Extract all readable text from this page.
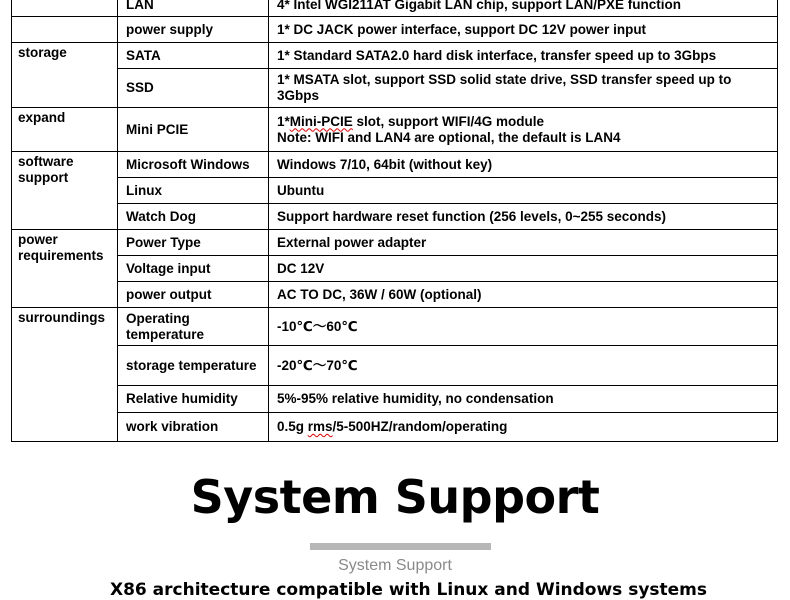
	LAN	4* Intel WGI211AT Gigabit LAN chip, support LAN/PXE function
	power supply	1* DC JACK power interface, support DC 12V power input
storage	SATA	1* Standard SATA2.0 hard disk interface, transfer speed up to 3Gbps
	SSD	1* MSATA slot, support SSD solid state drive, SSD transfer speed up to 3Gbps
expand	Mini PCIE	1*Mini-PCIE slot, support WIFI/4G module
Note: WIFI and LAN4 are optional, the default is LAN4
software support	Microsoft Windows	Windows 7/10, 64bit (without key)
	Linux	Ubuntu
	Watch Dog	Support hardware reset function (256 levels, 0~255 seconds)
power requirements	Power Type	External power adapter
	Voltage input	DC 12V
	power output	AC TO DC, 36W / 60W (optional)
surroundings	Operating temperature	-10℃～60℃
	storage temperature	-20℃～70℃
	Relative humidity	5%-95% relative humidity, no condensation
	work vibration	0.5g rms/5-500HZ/random/operating
System Support
System Support
X86 architecture compatible with Linux and Windows systems
